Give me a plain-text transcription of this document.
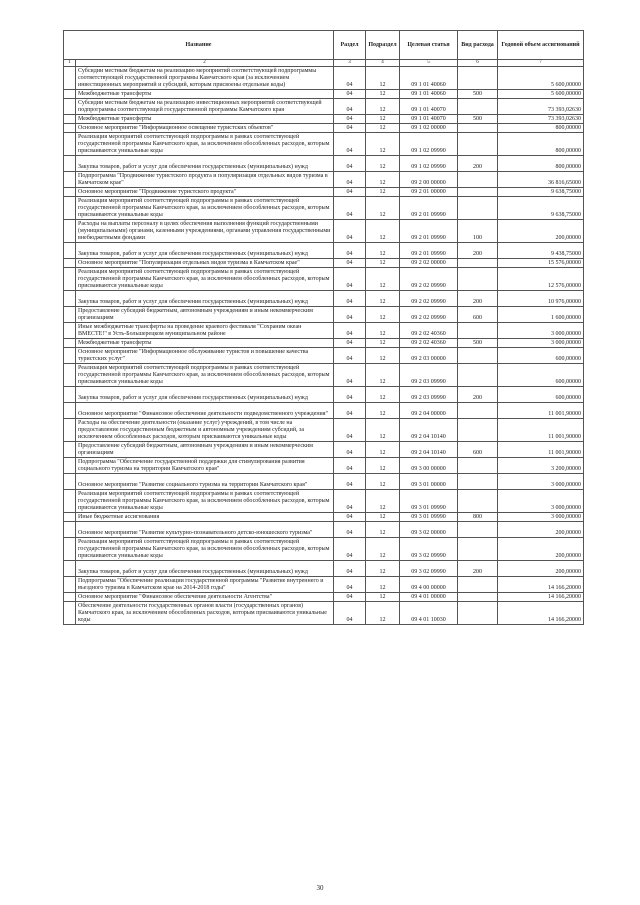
Название		Раздел	Подраздел	Целевая статья	Вид расхода	Годовой объем ассигнований
1	2	3	4	5	6	7
	Субсидии местным бюджетам на реализацию мероприятий соответствующей подпрограммы соответствующей государственной программы Камчатского края (за исключением инвестиционных мероприятий и субсидий, которым присвоены отдельные коды)	04	12	09 1 01 40060		5 600,00000
	Межбюджетные трансферты	04	12	09 1 01 40060	500	5 600,00000
	Субсидии местным бюджетам на реализацию инвестиционных мероприятий соответствующей подпрограммы соответствующей государственной программы Камчатского края	04	12	09 1 01 40070		73 393,02630
	Межбюджетные трансферты	04	12	09 1 01 40070	500	73 393,02630
	Основное мероприятие "Информационное освещение туристских объектов"	04	12	09 1 02 00000		800,00000
	Реализация мероприятий соответствующей подпрограммы в рамках соответствующей государственной программы Камчатского края, за исключением обособленных расходов, которым присваиваются уникальные коды	04	12	09 1 02 09990		800,00000
	Закупка товаров, работ и услуг для обеспечения государственных (муниципальных) нужд	04	12	09 1 02 09990	200	800,00000
	Подпрограмма "Продвижение туристского продукта и популяризация отдельных видов туризма в Камчатском крае"	04	12	09 2 00 00000		36 816,65000
	Основное мероприятие "Продвижение туристского продукта"	04	12	09 2 01 00000		9 638,75000
	Реализация мероприятий соответствующей подпрограммы в рамках соответствующей государственной программы Камчатского края, за исключением обособленных расходов, которым присваиваются уникальные коды	04	12	09 2 01 09990		9 638,75000
	Расходы на выплаты персоналу в целях обеспечения выполнения функций государственными (муниципальными) органами, казенными учреждениями, органами управления государственными внебюджетными фондами	04	12	09 2 01 09990	100	200,00000
	Закупка товаров, работ и услуг для обеспечения государственных (муниципальных) нужд	04	12	09 2 01 09990	200	9 438,75000
	Основное мероприятие "Популяризация отдельных видов туризма в Камчатском крае"	04	12	09 2 02 00000		15 576,00000
	Реализация мероприятий соответствующей подпрограммы в рамках соответствующей государственной программы Камчатского края, за исключением обособленных расходов, которым присваиваются уникальные коды	04	12	09 2 02 09990		12 576,00000
	Закупка товаров, работ и услуг для обеспечения государственных (муниципальных) нужд	04	12	09 2 02 09990	200	10 976,00000
	Предоставление субсидий бюджетным, автономным учреждениям и иным некоммерческим организациям	04	12	09 2 02 09990	600	1 600,00000
	Иные межбюджетные трансферты на проведение краевого фестиваля "Сохраним океан ВМЕСТЕ!" в Усть-Большерецком муниципальном районе	04	12	09 2 02 40360		3 000,00000
	Межбюджетные трансферты	04	12	09 2 02 40360	500	3 000,00000
	Основное мероприятие "Информационное обслуживание туристов и повышение качества туристских услуг"	04	12	09 2 03 00000		600,00000
	Реализация мероприятий соответствующей подпрограммы в рамках соответствующей государственной программы Камчатского края, за исключением обособленных расходов, которым присваиваются уникальные коды	04	12	09 2 03 09990		600,00000
	Закупка товаров, работ и услуг для обеспечения государственных (муниципальных) нужд	04	12	09 2 03 09990	200	600,00000
	Основное мероприятие "Финансовое обеспечение деятельности подведомственного учреждения"	04	12	09 2 04 00000		11 001,90000
	Расходы на обеспечение деятельности (оказание услуг) учреждений, в том числе на предоставление государственным бюджетным и автономным учреждениям субсидий, за исключением обособленных расходов, которым присваиваются уникальные коды	04	12	09 2 04 10140		11 001,90000
	Предоставление субсидий бюджетным, автономным учреждениям и иным некоммерческим организациям	04	12	09 2 04 10140	600	11 001,90000
	Подпрограмма "Обеспечение государственной поддержки для стимулирования развития социального туризма на территории Камчатского края"	04	12	09 3 00 00000		3 200,00000
	Основное мероприятие "Развитие социального туризма на территории Камчатского края"	04	12	09 3 01 00000		3 000,00000
	Реализация мероприятий соответствующей подпрограммы в рамках соответствующей государственной программы Камчатского края, за исключением обособленных расходов, которым присваиваются уникальные коды	04	12	09 3 01 09990		3 000,00000
	Иные бюджетные ассигнования	04	12	09 3 01 09990	800	3 000,00000
	Основное мероприятие "Развитие культурно-познавательного детско-юношеского туризма"	04	12	09 3 02 00000		200,00000
	Реализация мероприятий соответствующей подпрограммы в рамках соответствующей государственной программы Камчатского края, за исключением обособленных расходов, которым присваиваются уникальные коды	04	12	09 3 02 09990		200,00000
	Закупка товаров, работ и услуг для обеспечения государственных (муниципальных) нужд	04	12	09 3 02 09990	200	200,00000
	Подпрограмма "Обеспечение реализации государственной программы "Развитие внутреннего и въездного туризма в Камчатском крае на 2014-2018 годы"	04	12	09 4 00 00000		14 166,20000
	Основное мероприятие "Финансовое обеспечение деятельности Агентства"	04	12	09 4 01 00000		14 166,20000
	Обеспечение деятельности государственных органов власти (государственных органов) Камчатского края, за исключением обособленных расходов, которым присваиваются уникальные коды	04	12	09 4 01 10030		14 166,20000
30
